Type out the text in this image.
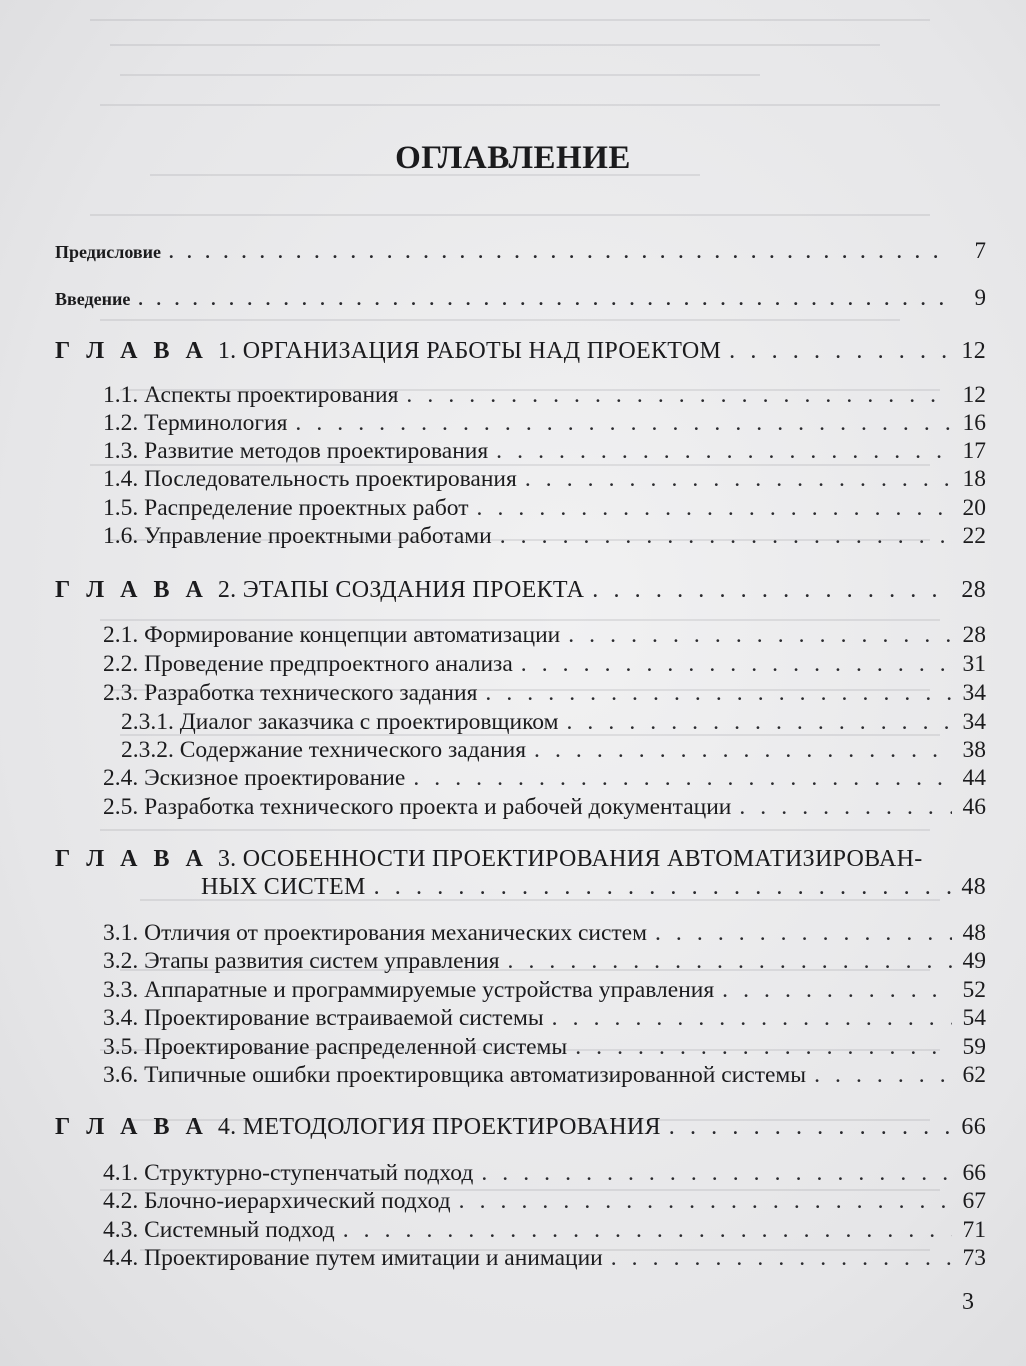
ОГЛАВЛЕНИЕ
Предисловие . . .	7
Введение . . .	9
Г Л А В А 1. ОРГАНИЗАЦИЯ РАБОТЫ НАД ПРОЕКТОМ . . .	12
1.1. Аспекты проектирования . . .	12
1.2. Терминология . . .	16
1.3. Развитие методов проектирования . . .	17
1.4. Последовательность проектирования . . .	18
1.5. Распределение проектных работ . . .	20
1.6. Управление проектными работами . . .	22
Г Л А В А 2. ЭТАПЫ СОЗДАНИЯ ПРОЕКТА . . .	28
2.1. Формирование концепции автоматизации . . .	28
2.2. Проведение предпроектного анализа . . .	31
2.3. Разработка технического задания . . .	34
2.3.1. Диалог заказчика с проектировщиком . . .	34
2.3.2. Содержание технического задания . . .	38
2.4. Эскизное проектирование . . .	44
2.5. Разработка технического проекта и рабочей документации . . .	46
Г Л А В А 3. ОСОБЕННОСТИ ПРОЕКТИРОВАНИЯ АВТОМАТИЗИРОВАН-
НЫХ СИСТЕМ . . .	48
3.1. Отличия от проектирования механических систем . . .	48
3.2. Этапы развития систем управления . . .	49
3.3. Аппаратные и программируемые устройства управления . . .	52
3.4. Проектирование встраиваемой системы . . .	54
3.5. Проектирование распределенной системы . . .	59
3.6. Типичные ошибки проектировщика автоматизированной системы . . .	62
Г Л А В А 4. МЕТОДОЛОГИЯ ПРОЕКТИРОВАНИЯ . . .	66
4.1. Структурно-ступенчатый подход . . .	66
4.2. Блочно-иерархический подход . . .	67
4.3. Системный подход . . .	71
4.4. Проектирование путем имитации и анимации . . .	73
3
